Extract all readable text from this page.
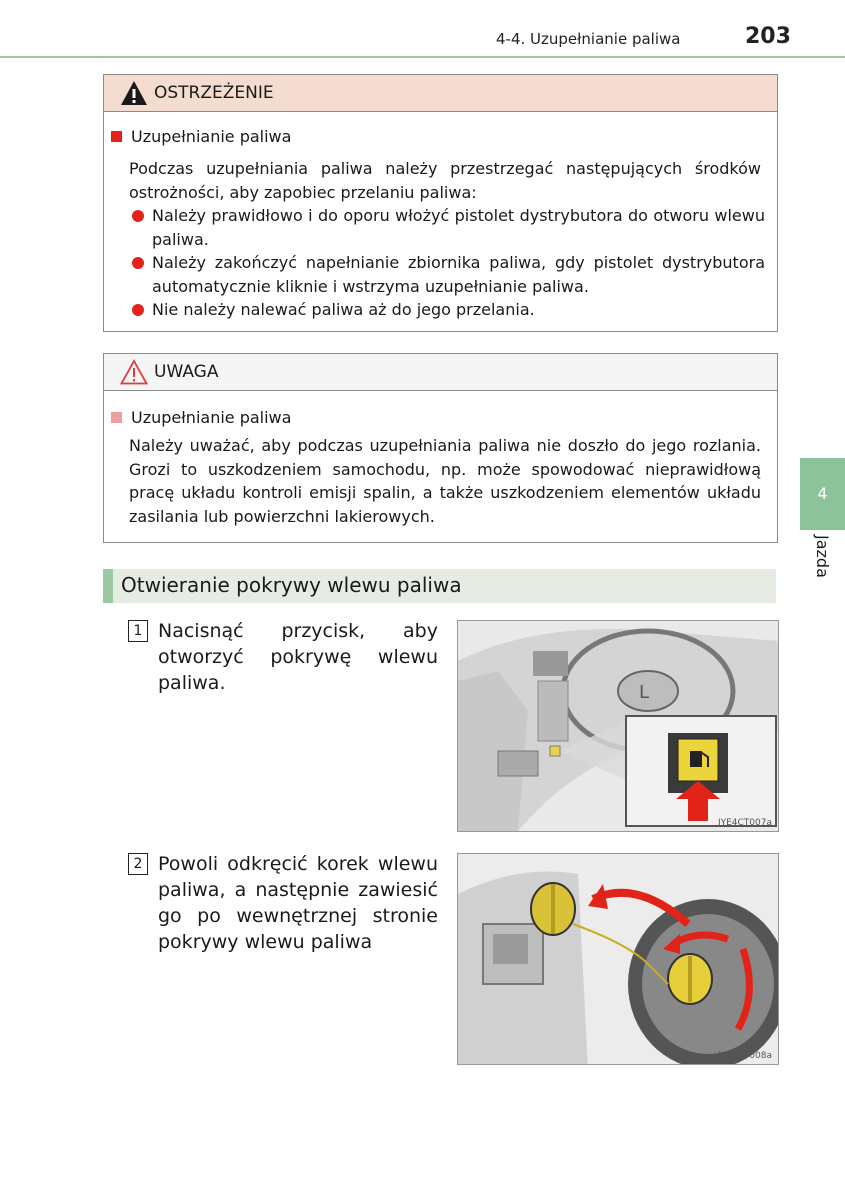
4-4. Uzupełnianie paliwa	203
4
Jazda
OSTRZEŻENIE
Uzupełnianie paliwa
Podczas uzupełniania paliwa należy przestrzegać następujących środków ostrożności, aby zapobiec przelaniu paliwa:
Należy prawidłowo i do oporu włożyć pistolet dystrybutora do otworu wlewu paliwa.
Należy zakończyć napełnianie zbiornika paliwa, gdy pistolet dystrybutora automatycznie kliknie i wstrzyma uzupełnianie paliwa.
Nie należy nalewać paliwa aż do jego przelania.
UWAGA
Uzupełnianie paliwa
Należy uważać, aby podczas uzupełniania paliwa nie doszło do jego rozlania. Grozi to uszkodzeniem samochodu, np. może spowodować nieprawidłową pracę układu kontroli emisji spalin, a także uszkodzeniem elementów układu zasilania lub powierzchni lakierowych.
Otwieranie pokrywy wlewu paliwa
1 Nacisnąć przycisk, aby otworzyć pokrywę wlewu paliwa.	L
IYE4CT007a
2 Powoli odkręcić korek wlewu paliwa, a następnie zawiesić go po wewnętrznej stronie pokrywy wlewu paliwa
IYE4CT008a
